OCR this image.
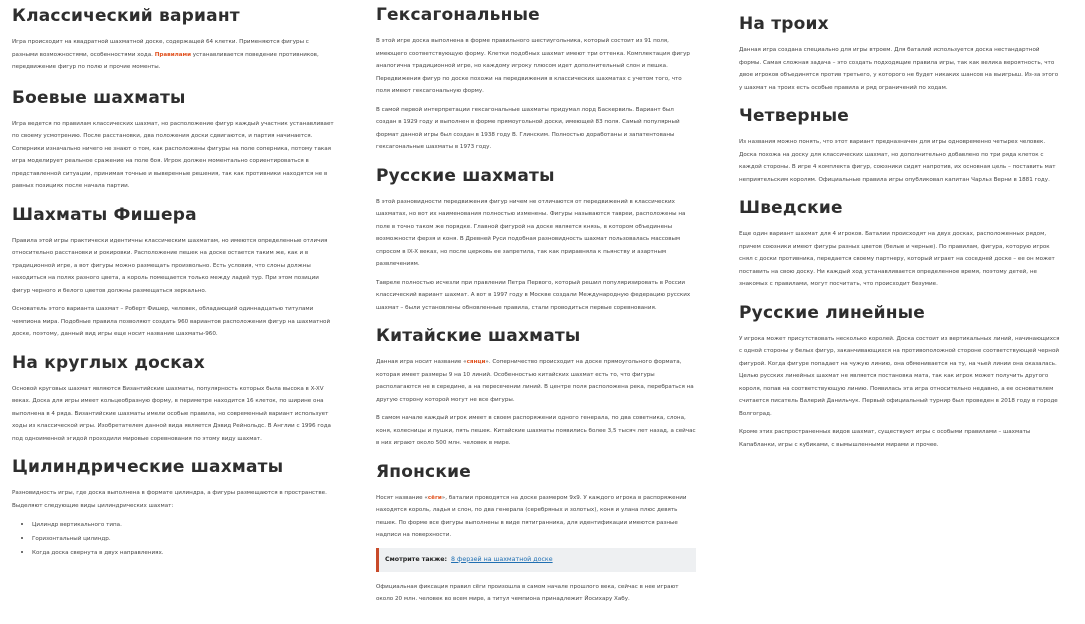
Классический вариант

Игра происходит на квадратной шахматной доске, содержащей 64 клетки. Применяются фигуры с разными возможностями, особенностями хода. Правилами устанавливается поведение противников, передвижение фигур по полю и прочие моменты.

Боевые шахматы

Игра ведется по правилам классических шахмат, но расположение фигур каждый участник устанавливает по своему усмотрению. После расстановки, два положения доски сдвигаются, и партия начинается. Соперники изначально ничего не знают о том, как расположены фигуры на поле соперника, потому такая игра моделирует реальное сражение на поле боя. Игрок должен моментально сориентироваться в представленной ситуации, принимая точные и выверенные решения, так как противники находятся не в равных позициях после начала партии.

Шахматы Фишера

Правила этой игры практически идентичны классическим шахматам, но имеются определенные отличия относительно расстановки и рокировки. Расположение пешек на доске остается таким же, как и в традиционной игре, а вот фигуры можно размещать произвольно. Есть условия, что слоны должны находиться на полях разного цвета, а король помещается только между ладей тур. При этом позиции фигур черного и белого цветов должны размещаться зеркально.

Основатель этого варианта шахмат – Роберт Фишер, человек, обладающий одиннадцатью титулами чемпиона мира. Подобные правила позволяют создать 960 вариантов расположения фигур на шахматной доске, поэтому, данный вид игры еще носит название шахматы-960.

На круглых досках

Основой круговых шахмат являются Византийские шахматы, популярность которых была высока в X-XV веках. Доска для игры имеет кольцеобразную форму, в периметре находится 16 клеток, по ширине она выполнена в 4 ряда. Византийские шахматы имели особые правила, но современный вариант использует ходы из классической игры. Изобретателем данной вида является Дэвид Рейнольдс. В Англии с 1996 года под одноименной эгидой проходили мировые соревнования по этому виду шахмат.

Цилиндрические шахматы

Разновидность игры, где доска выполнена в формате цилиндра, а фигуры размещаются в пространстве. Выделяют следующие виды цилиндрических шахмат:

• Цилиндр вертикального типа.
• Горизонтальный цилиндр.
• Когда доска свернута в двух направлениях.
Гексагональные

В этой игре доска выполнена в форме правильного шестиугольника, который состоит из 91 поля, имеющего соответствующую форму. Клетки подобных шахмат имеют три оттенка. Комплектация фигур аналогична традиционной игре, но каждому игроку плюсом идет дополнительный слон и пешка. Передвижения фигур по доске похожи на передвижения в классических шахматах с учетом того, что поля имеют гексагональную форму.

В самой первой интерпретации гексагональные шахматы придумал лорд Баскервиль. Вариант был создан в 1929 году и выполнен в форме прямоугольной доски, имеющей 83 поля. Самый популярный формат данной игры был создан в 1938 году В. Глинским. Полностью доработаны и запатентованы гексагональные шахматы в 1973 году.

Русские шахматы

В этой разновидности передвижения фигур ничем не отличаются от передвижений в классических шахматах, но вот их наименования полностью изменены. Фигуры называются тавреи, расположены на поле в точно таком же порядке. Главной фигурой на доске является князь, в котором объединены возможности ферзя и коня. В Древней Руси подобная разновидность шахмат пользовалась массовым спросом в IX-X веках, но после церковь ее запретила, так как приравняла к пьянству и азартным развлечениям.

Тавреле полностью исчезли при правлении Петра Первого, который решил популяризировать в России классический вариант шахмат. А вот в 1997 году в Москве создали Международную федерацию русских шахмат – были установлены обновленные правила, стали проводиться первые соревнования.

Китайские шахматы

Данная игра носит название «сянци». Соперничество происходит на доске прямоугольного формата, которая имеет размеры 9 на 10 линий. Особенностью китайских шахмат есть то, что фигуры располагаются не в середине, а на пересечении линий. В центре поля расположена река, перебраться на другую сторону которой могут не все фигуры.

В самом начале каждый игрок имеет в своем распоряжении одного генерала, по два советника, слона, коня, колесницы и пушки, пять пешек. Китайские шахматы появились более 3,5 тысяч лет назад, а сейчас в них играют около 500 млн. человек в мире.

Японские

Носят название «сёги», баталии проводятся на доске размером 9х9. У каждого игрока в распоряжении находятся король, ладья и слон, по два генерала (серебряных и золотых), коня и улана плюс девять пешек. По форме все фигуры выполнены в виде пятигранника, для идентификации имеются разные надписи на поверхности.

Смотрите также: 8 ферзей на шахматной доске

Официальная фиксация правил сёги произошла в самом начале прошлого века, сейчас в нее играют около 20 млн. человек во всем мире, а титул чемпиона принадлежит Йосихару Хабу.

На троих

Данная игра создана специально для игры втроем. Для баталий используется доска нестандартной формы. Самая сложная задача – это создать подходящие правила игры, так как велика вероятность, что двое игроков объединятся против третьего, у которого не будет никаких шансов на выигрыш. Из-за этого у шахмат на троих есть особые правила и ряд ограничений по ходам.

Четверные

Из названия можно понять, что этот вариант предназначен для игры одновременно четырех человек. Доска похожа на доску для классических шахмат, но дополнительно добавлено по три ряда клеток с каждой стороны. В игре 4 комплекта фигур, союзники сидят напротив, их основная цель – поставить мат неприятельским королям. Официальные правила игры опубликовал капитан Чарльз Верни в 1881 году.

Шведские

Еще один вариант шахмат для 4 игроков. Баталии происходят на двух досках, расположенных рядом, причем союзники имеют фигуры разных цветов (белые и черные). По правилам, фигура, которую игрок снял с доски противника, передается своему партнеру, который играет на соседней доске – ее он может поставить на свою доску. Ни каждый ход устанавливается определенное время, поэтому детей, не знакомых с правилами, могут посчитать, что происходит безумие.

Русские линейные

У игрока может присутствовать несколько королей. Доска состоит из вертикальных линий, начинающихся с одной стороны у белых фигур, заканчивающихся на противоположной стороне соответствующей черной фигурой. Когда фигуре попадает на чужую линию, она обменивается на ту, на чьей линии она оказалась. Целью русских линейных шахмат не является постановка мата, так как игрок может получить другого короля, попав на соответствующую линию. Появилась эта игра относительно недавно, а ее основателем считается писатель Валерий Данильчук. Первый официальный турнир был проведен в 2018 году в городе Волгоград.

Кроме этих распространенных видов шахмат, существуют игры с особыми правилами – шахматы Капабланки, игры с кубиками, с вымышленными мирами и прочее.
